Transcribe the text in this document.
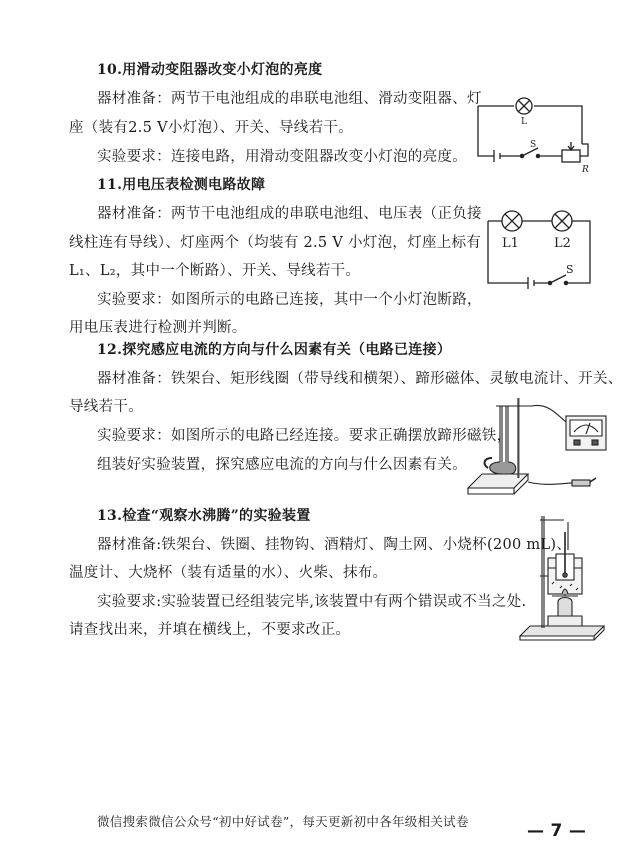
10.用滑动变阻器改变小灯泡的亮度
器材准备：两节干电池组成的串联电池组、滑动变阻器、灯
座（装有2.5 V小灯泡）、开关、导线若干。
实验要求：连接电路，用滑动变阻器改变小灯泡的亮度。
L
S
R
11.用电压表检测电路故障
器材准备：两节干电池组成的串联电池组、电压表（正负接
线柱连有导线）、灯座两个（均装有 2.5 V 小灯泡，灯座上标有
L₁、L₂，其中一个断路）、开关、导线若干。
实验要求：如图所示的电路已连接，其中一个小灯泡断路，
用电压表进行检测并判断。
L1	L2
S
12.探究感应电流的方向与什么因素有关（电路已连接）
器材准备：铁架台、矩形线圈（带导线和横架）、蹄形磁体、灵敏电流计、开关、
导线若干。
实验要求：如图所示的电路已经连接。要求正确摆放蹄形磁铁，
组装好实验装置，探究感应电流的方向与什么因素有关。
13.检查“观察水沸腾”的实验装置
器材准备:铁架台、铁圈、挂物钩、酒精灯、陶土网、小烧杯(200 mL)、
温度计、大烧杯（装有适量的水）、火柴、抹布。
实验要求:实验装置已经组装完毕,该装置中有两个错误或不当之处.
请查找出来，并填在横线上，不要求改正。
微信搜索微信公众号“初中好试卷”，每天更新初中各年级相关试卷	— 7 —
